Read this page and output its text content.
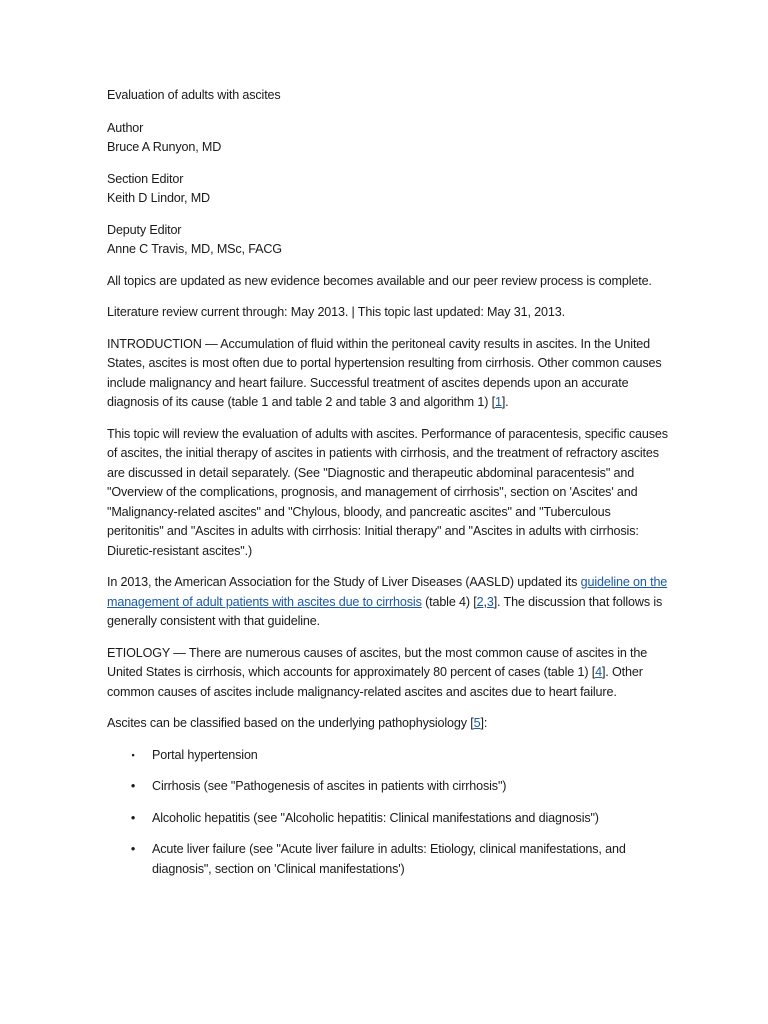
Evaluation of adults with ascites

Author
Bruce A Runyon, MD
Section Editor
Keith D Lindor, MD
Deputy Editor
Anne C Travis, MD, MSc, FACG

All topics are updated as new evidence becomes available and our peer review process is complete.

Literature review current through: May 2013. | This topic last updated: May 31, 2013.

INTRODUCTION — Accumulation of fluid within the peritoneal cavity results in ascites. In the United States, ascites is most often due to portal hypertension resulting from cirrhosis. Other common causes include malignancy and heart failure. Successful treatment of ascites depends upon an accurate diagnosis of its cause (table 1 and table 2 and table 3 and algorithm 1) [1].

This topic will review the evaluation of adults with ascites. Performance of paracentesis, specific causes of ascites, the initial therapy of ascites in patients with cirrhosis, and the treatment of refractory ascites are discussed in detail separately. (See "Diagnostic and therapeutic abdominal paracentesis" and "Overview of the complications, prognosis, and management of cirrhosis", section on 'Ascites' and "Malignancy-related ascites" and "Chylous, bloody, and pancreatic ascites" and "Tuberculous peritonitis" and "Ascites in adults with cirrhosis: Initial therapy" and "Ascites in adults with cirrhosis: Diuretic-resistant ascites".)

In 2013, the American Association for the Study of Liver Diseases (AASLD) updated its guideline on the management of adult patients with ascites due to cirrhosis (table 4) [2,3]. The discussion that follows is generally consistent with that guideline.

ETIOLOGY — There are numerous causes of ascites, but the most common cause of ascites in the United States is cirrhosis, which accounts for approximately 80 percent of cases (table 1) [4]. Other common causes of ascites include malignancy-related ascites and ascites due to heart failure.

Ascites can be classified based on the underlying pathophysiology [5]:

▪ Portal hypertension
• Cirrhosis (see "Pathogenesis of ascites in patients with cirrhosis")
• Alcoholic hepatitis (see "Alcoholic hepatitis: Clinical manifestations and diagnosis")
• Acute liver failure (see "Acute liver failure in adults: Etiology, clinical manifestations, and diagnosis", section on 'Clinical manifestations')
